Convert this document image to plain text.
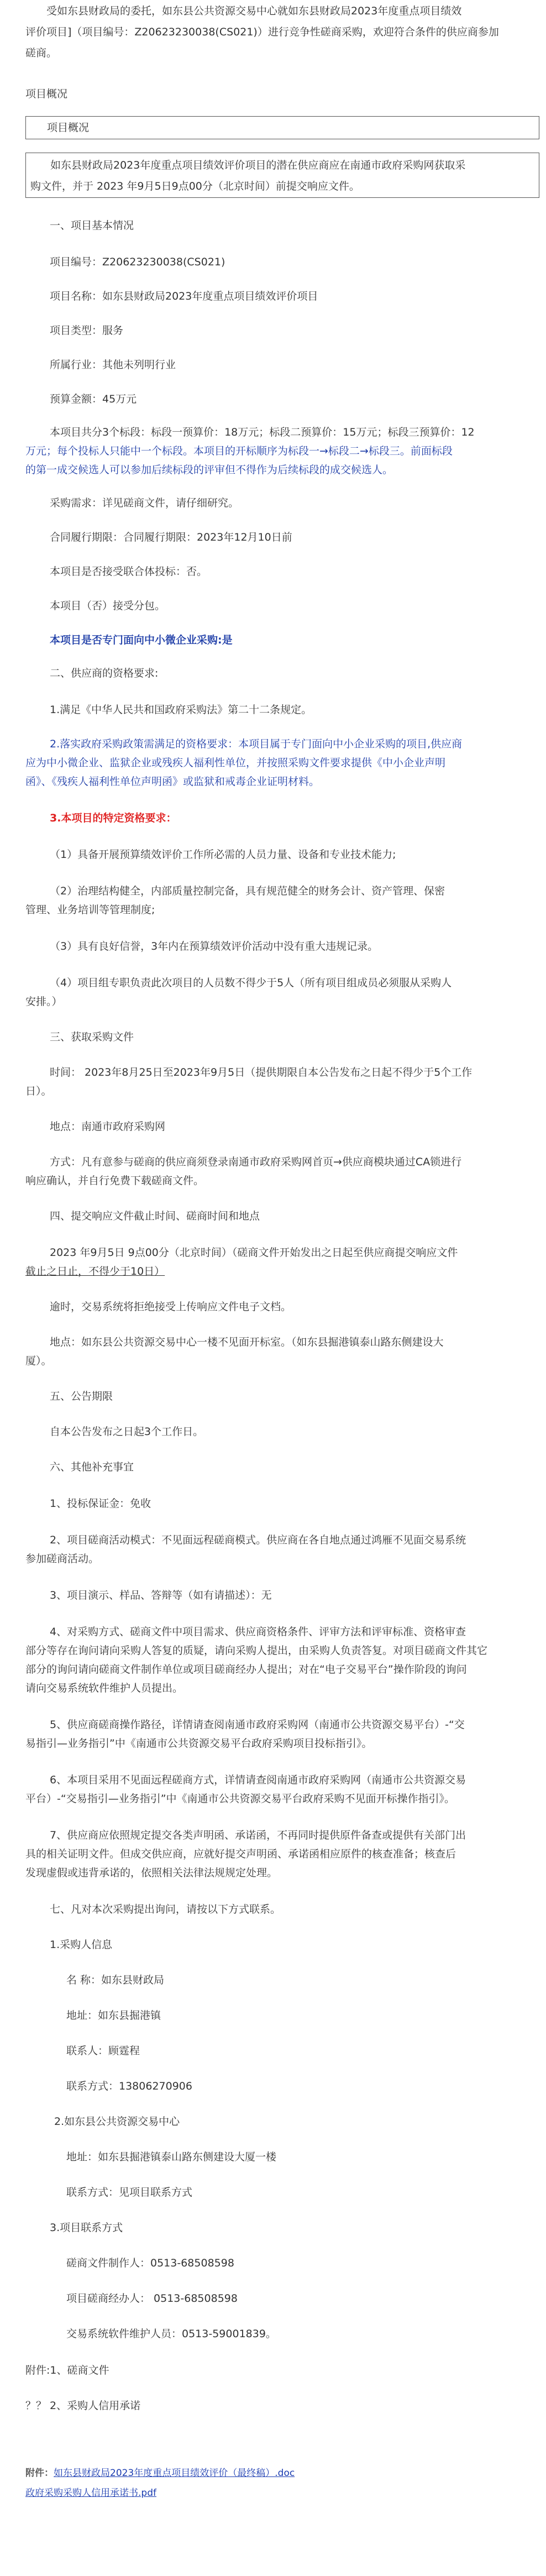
受如东县财政局的委托，如东县公共资源交易中心就如东县财政局2023年度重点项目绩效

评价项目]（项目编号：Z20623230038(CS021)）进行竞争性磋商采购，欢迎符合条件的供应商参加

磋商。

项目概况

项目概况

如东县财政局2023年度重点项目绩效评价项目的潜在供应商应在南通市政府采购网获取采

购文件，并于 2023 年9月5日9点00分（北京时间）前提交响应文件。

一、项目基本情况

项目编号：Z20623230038(CS021)

项目名称：如东县财政局2023年度重点项目绩效评价项目

项目类型：服务

所属行业：其他未列明行业

预算金额：45万元

本项目共分3个标段：标段一预算价：18万元；标段二预算价：15万元；标段三预算价：12

万元；每个投标人只能中一个标段。本项目的开标顺序为标段一→标段二→标段三。前面标段

的第一成交候选人可以参加后续标段的评审但不得作为后续标段的成交候选人。

采购需求：详见磋商文件，请仔细研究。

合同履行期限：合同履行期限：2023年12月10日前

本项目是否接受联合体投标：否。

本项目（否）接受分包。

本项目是否专门面向中小微企业采购:是

二、供应商的资格要求:

1.满足《中华人民共和国政府采购法》第二十二条规定。

2.落实政府采购政策需满足的资格要求：本项目属于专门面向中小企业采购的项目,供应商

应为中小微企业、监狱企业或残疾人福利性单位，并按照采购文件要求提供《中小企业声明

函》、《残疾人福利性单位声明函》或监狱和戒毒企业证明材料。

3.本项目的特定资格要求：

（1）具备开展预算绩效评价工作所必需的人员力量、设备和专业技术能力;

（2）治理结构健全，内部质量控制完备，具有规范健全的财务会计、资产管理、保密

管理、业务培训等管理制度;

（3）具有良好信誉，3年内在预算绩效评价活动中没有重大违规记录。

（4）项目组专职负责此次项目的人员数不得少于5人（所有项目组成员必须服从采购人

安排。）

三、获取采购文件

时间： 2023年8月25日至2023年9月5日（提供期限自本公告发布之日起不得少于5个工作

日）。

地点：南通市政府采购网

方式：凡有意参与磋商的供应商须登录南通市政府采购网首页→供应商模块通过CA锁进行

响应确认，并自行免费下载磋商文件。

四、提交响应文件截止时间、磋商时间和地点

2023 年9月5日 9点00分（北京时间）（磋商文件开始发出之日起至供应商提交响应文件

截止之日止，不得少于10日）

逾时，交易系统将拒绝接受上传响应文件电子文档。

地点：如东县公共资源交易中心一楼不见面开标室。（如东县掘港镇泰山路东侧建设大

厦）。

五、公告期限

自本公告发布之日起3个工作日。

六、其他补充事宜

1、投标保证金：免收

2、项目磋商活动模式：不见面远程磋商模式。供应商在各自地点通过鸿雁不见面交易系统

参加磋商活动。

3、项目演示、样品、答辩等（如有请描述）：无

4、对采购方式、磋商文件中项目需求、供应商资格条件、评审方法和评审标准、资格审查

部分等存在询问请向采购人答复的质疑，请向采购人提出，由采购人负责答复。对项目磋商文件其它

部分的询问请向磋商文件制作单位或项目磋商经办人提出；对在“电子交易平台”操作阶段的询问

请向交易系统软件维护人员提出。

5、供应商磋商操作路径，详情请查阅南通市政府采购网（南通市公共资源交易平台）-“交

易指引—业务指引”中《南通市公共资源交易平台政府采购项目投标指引》。

6、本项目采用不见面远程磋商方式，详情请查阅南通市政府采购网（南通市公共资源交易

平台）-“交易指引—业务指引”中《南通市公共资源交易平台政府采购不见面开标操作指引》。

7、供应商应依照规定提交各类声明函、承诺函，不再同时提供原件备查或提供有关部门出

具的相关证明文件。但成交供应商，应就好提交声明函、承诺函相应原件的核查准备；核查后

发现虚假或违背承诺的，依照相关法律法规规定处理。

七、凡对本次采购提出询问，请按以下方式联系。

1.采购人信息

名 称：如东县财政局

地址：如东县掘港镇

联系人：顾霆程

联系方式：13806270906

2.如东县公共资源交易中心

地址：如东县掘港镇泰山路东侧建设大厦一楼

联系方式：见项目联系方式

3.项目联系方式

磋商文件制作人：0513-68508598

项目磋商经办人： 0513-68508598

交易系统软件维护人员：0513-59001839。

附件:1、磋商文件

？？ 2、采购人信用承诺

附件：如东县财政局2023年度重点项目绩效评价（最终稿）.doc

政府采购采购人信用承诺书.pdf
